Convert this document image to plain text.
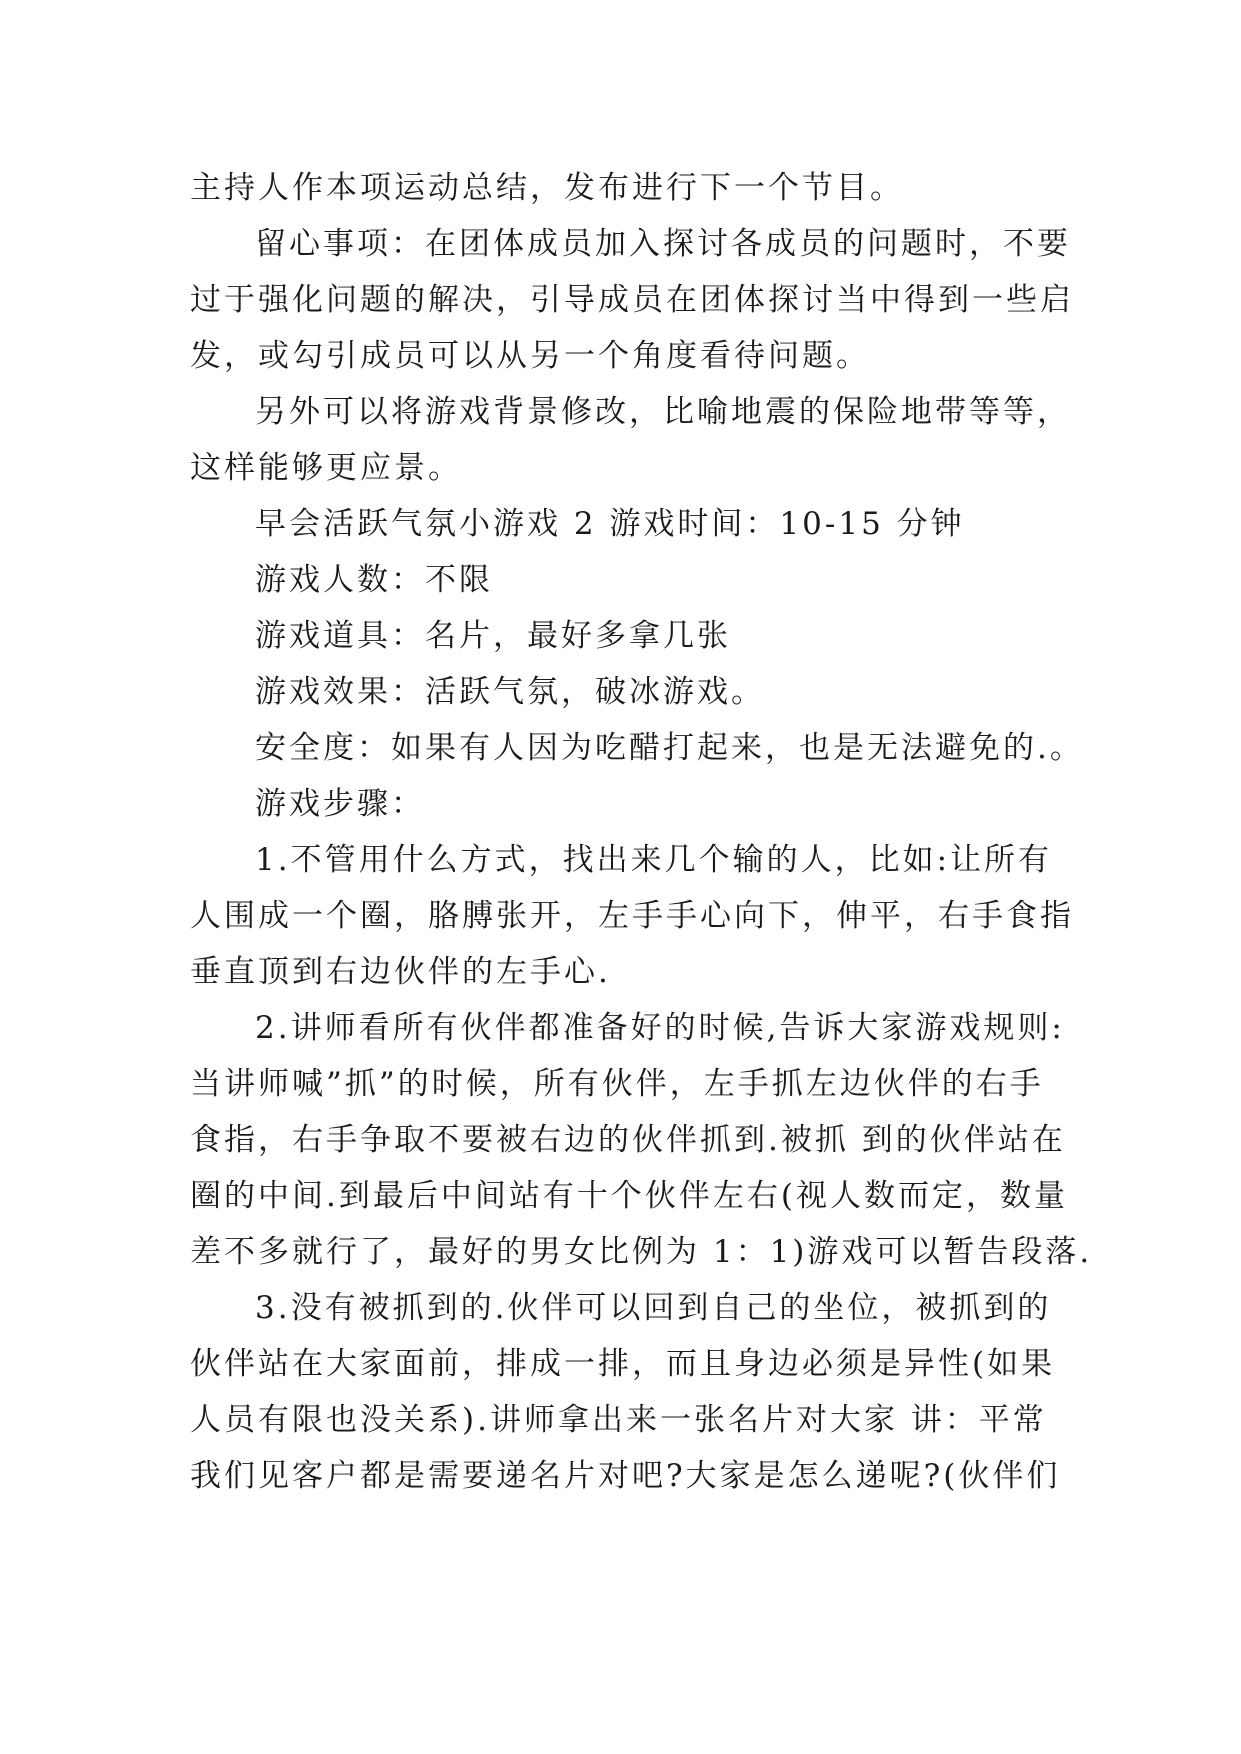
主持人作本项运动总结，发布进行下一个节目。
留心事项：在团体成员加入探讨各成员的问题时，不要
过于强化问题的解决，引导成员在团体探讨当中得到一些启
发，或勾引成员可以从另一个角度看待问题。
另外可以将游戏背景修改，比喻地震的保险地带等等，
这样能够更应景。
早会活跃气氛小游戏 2 游戏时间：10-15 分钟
游戏人数：不限
游戏道具：名片，最好多拿几张
游戏效果：活跃气氛，破冰游戏。
安全度：如果有人因为吃醋打起来，也是无法避免的.。
游戏步骤：
1.不管用什么方式，找出来几个输的人，比如:让所有
人围成一个圈，胳膊张开，左手手心向下，伸平，右手食指
垂直顶到右边伙伴的左手心.
2.讲师看所有伙伴都准备好的时候,告诉大家游戏规则:
当讲师喊”抓”的时候，所有伙伴，左手抓左边伙伴的右手
食指，右手争取不要被右边的伙伴抓到.被抓 到的伙伴站在
圈的中间.到最后中间站有十个伙伴左右(视人数而定，数量
差不多就行了，最好的男女比例为 1：1)游戏可以暂告段落.
3.没有被抓到的.伙伴可以回到自己的坐位，被抓到的
伙伴站在大家面前，排成一排，而且身边必须是异性(如果
人员有限也没关系).讲师拿出来一张名片对大家 讲：平常
我们见客户都是需要递名片对吧?大家是怎么递呢?(伙伴们
